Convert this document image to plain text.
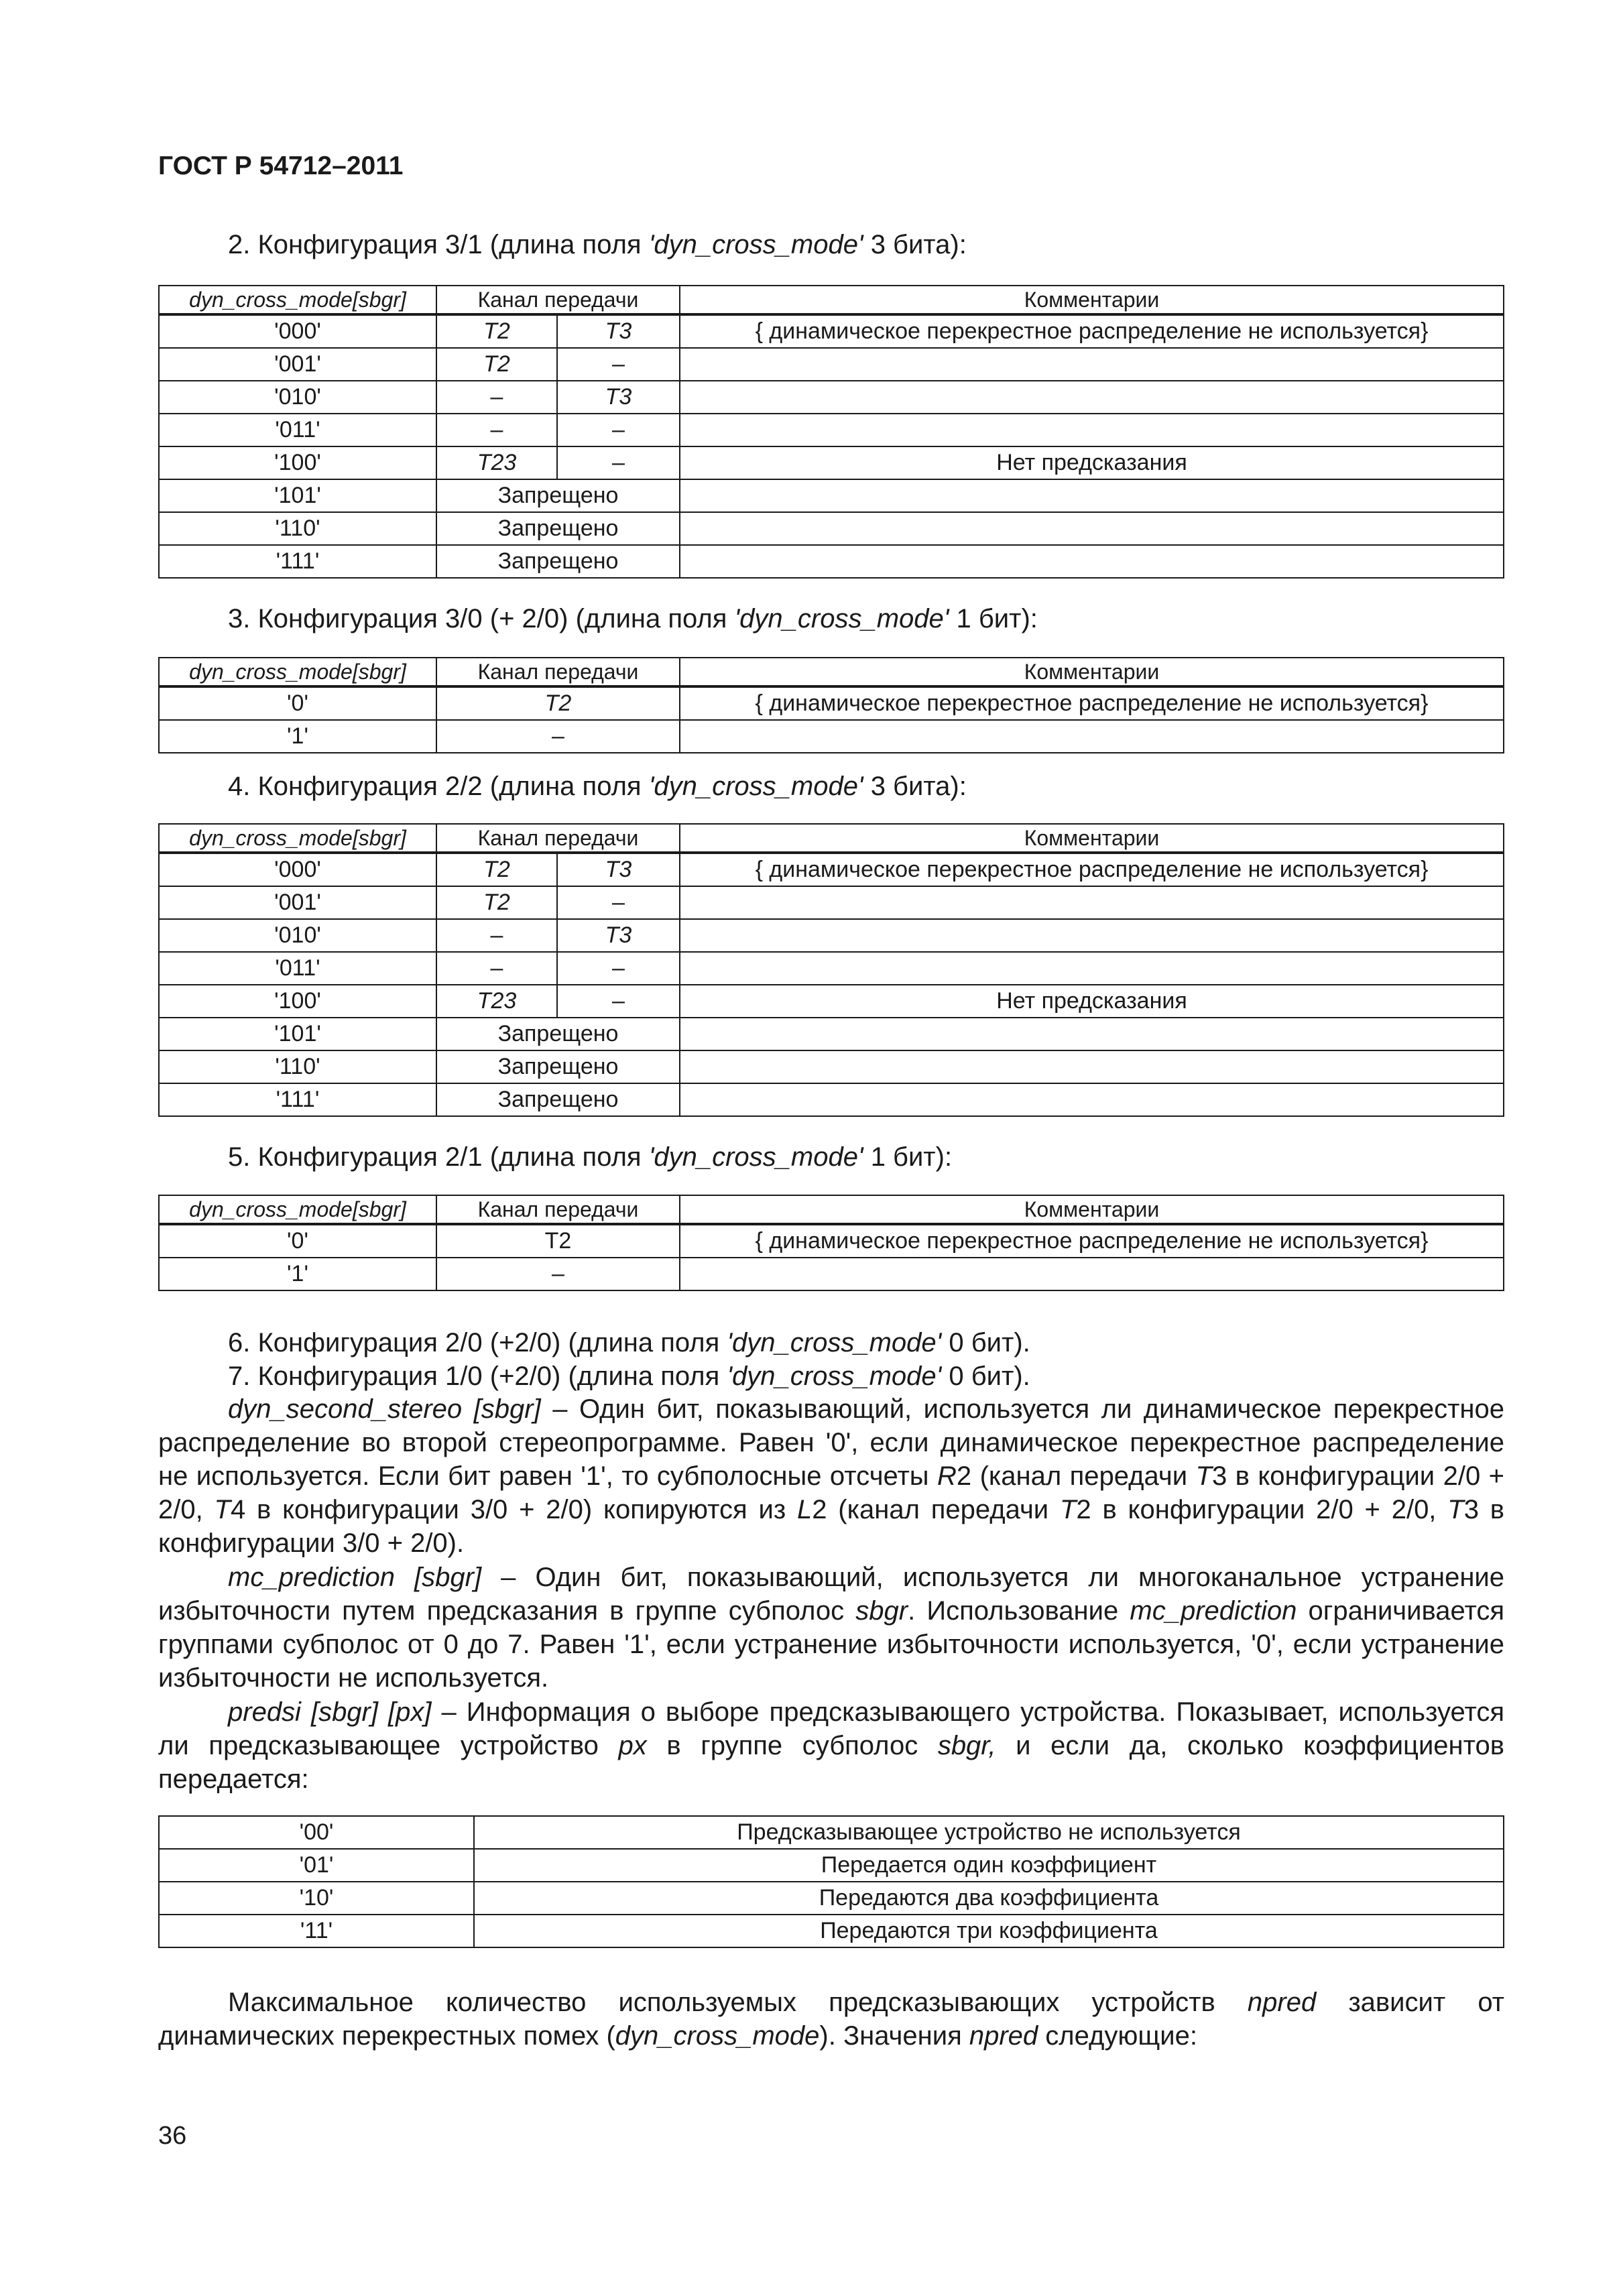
ГОСТ Р 54712–2011
2. Конфигурация 3/1 (длина поля 'dyn_cross_mode' 3 бита):
dyn_cross_mode[sbgr]	Канал передачи		Комментарии
'000'	T2	T3	{ динамическое перекрестное распределение не используется}
'001'	T2	–	
'010'	–	T3	
'011'	–	–	
'100'	T23	–	Нет предсказания
'101'	Запрещено		
'110'	Запрещено		
'111'	Запрещено		
3. Конфигурация 3/0 (+ 2/0) (длина поля 'dyn_cross_mode' 1 бит):
dyn_cross_mode[sbgr]	Канал передачи	Комментарии
'0'	T2	{ динамическое перекрестное распределение не используется}
'1'	–	
4. Конфигурация 2/2 (длина поля 'dyn_cross_mode' 3 бита):
dyn_cross_mode[sbgr]	Канал передачи		Комментарии
'000'	T2	T3	{ динамическое перекрестное распределение не используется}
'001'	T2	–	
'010'	–	T3	
'011'	–	–	
'100'	T23	–	Нет предсказания
'101'	Запрещено		
'110'	Запрещено		
'111'	Запрещено		
5. Конфигурация 2/1 (длина поля 'dyn_cross_mode' 1 бит):
dyn_cross_mode[sbgr]	Канал передачи	Комментарии
'0'	Т2	{ динамическое перекрестное распределение не используется}
'1'	–	
6. Конфигурация 2/0 (+2/0) (длина поля 'dyn_cross_mode' 0 бит).
7. Конфигурация 1/0 (+2/0) (длина поля 'dyn_cross_mode' 0 бит).
dyn_second_stereo [sbgr] – Один бит, показывающий, используется ли динамическое перекрестное распределение во второй стереопрограмме. Равен '0', если динамическое перекрестное распределение не используется. Если бит равен '1', то субполосные отсчеты R2 (канал передачи T3 в конфигурации 2/0 + 2/0, T4 в конфигурации 3/0 + 2/0) копируются из L2 (канал передачи T2 в конфигурации 2/0 + 2/0, T3 в конфигурации 3/0 + 2/0).
mc_prediction [sbgr] – Один бит, показывающий, используется ли многоканальное устранение избыточности путем предсказания в группе субполос sbgr. Использование mc_prediction ограничивается группами субполос от 0 до 7. Равен '1', если устранение избыточности используется, '0', если устранение избыточности не используется.
predsi [sbgr] [px] – Информация о выборе предсказывающего устройства. Показывает, используется ли предсказывающее устройство px в группе субполос sbgr, и если да, сколько коэффициентов передается:
'00'	Предсказывающее устройство не используется
'01'	Передается один коэффициент
'10'	Передаются два коэффициента
'11'	Передаются три коэффициента
Максимальное количество используемых предсказывающих устройств npred зависит от динамических перекрестных помех (dyn_cross_mode). Значения npred следующие:
36
